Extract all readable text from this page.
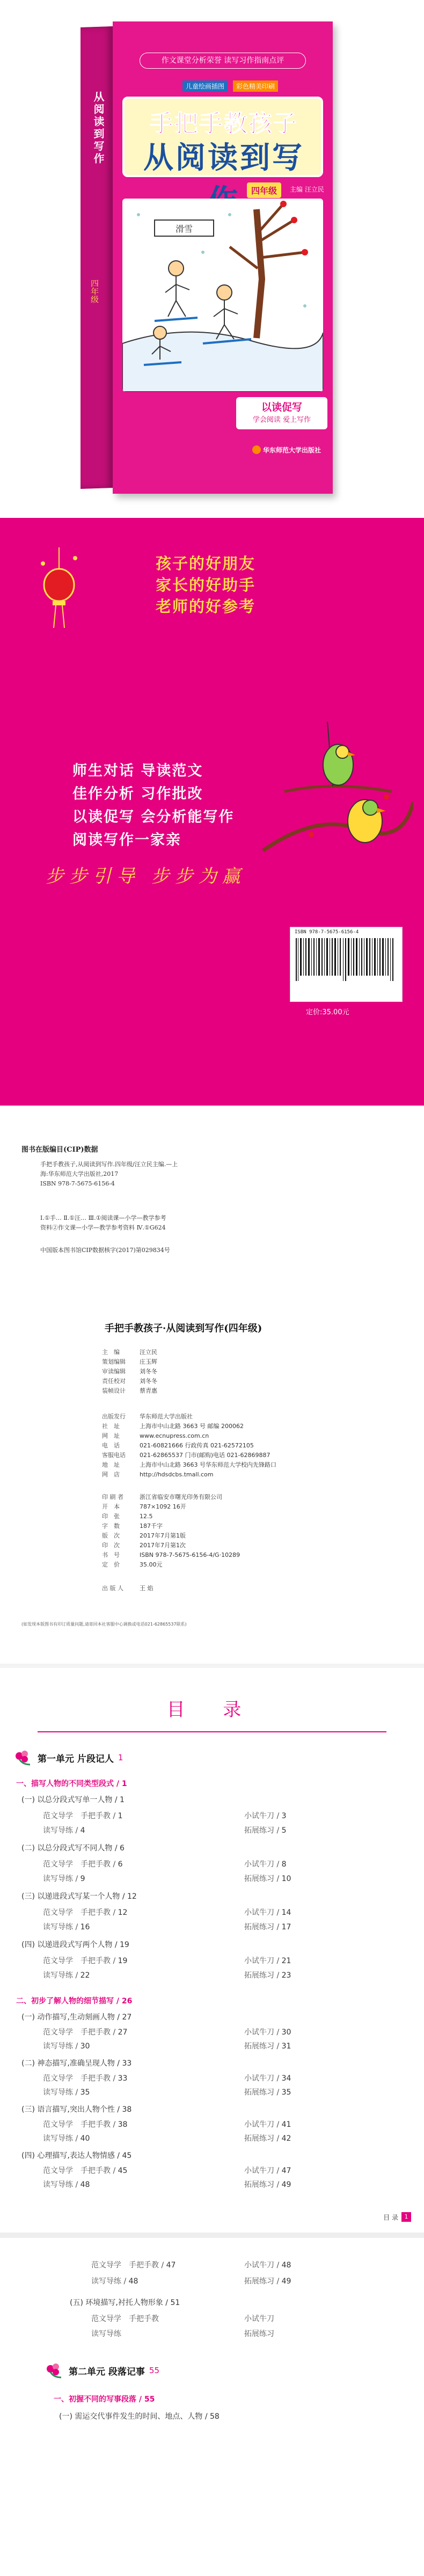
从阅读到写作
四年级
作文课堂分析荣誉 读写习作指南点评
儿童绘画插图	彩色精美印刷
手把手教孩子
从阅读到写
四年级	主编 汪立民
滑雪
以读促写
学会阅读 爱上写作
华东师范大学出版社
孩子的好朋友
家长的好助手
老师的好参考
师生对话 导读范文
佳作分析 习作批改
以读促写 会分析能写作
阅读写作一家亲
步步引导 步步为赢
ISBN 978-7-5675-6156-4
定价:35.00元
图书在版编目(CIP)数据
手把手教孩子,从阅读到写作.四年级/汪立民主编.—上
海:华东师范大学出版社,2017
ISBN 978-7-5675-6156-4
Ⅰ.①手… Ⅱ.①汪… Ⅲ.①阅读课—小学—教学参考
资料②作文课—小学—教学参考资料 Ⅳ.①G624
中国版本图书馆CIP数据核字(2017)第029834号
手把手教孩子·从阅读到写作(四年级)
主　编	汪立民
策划编辑	庄玉辉
审读编辑	刘冬冬
责任校对	刘冬冬
装帧设计	蔡青惠
出版发行	华东师范大学出版社
社　址	上海市中山北路 3663 号 邮编 200062
网　址	www.ecnupress.com.cn
电　话	021-60821666 行政传真 021-62572105
客服电话	021-62865537 门市(邮购)电话 021-62869887
地　址	上海市中山北路 3663 号华东师范大学校内先锋路口
网　店	http://hdsdcbs.tmall.com
印 刷 者	浙江省临安市曙光印务有限公司
开　本	787×1092 16开
印　张	12.5
字　数	187千字
版　次	2017年7月第1版
印　次	2017年7月第1次
书　号	ISBN 978-7-5675-6156-4/G·10289
定　价	35.00元
出 版 人	王 焰
(如发现本版图书有印订质量问题,请寄回本社客服中心调换或电话021-62865537联系)
目 录
第一单元 片段记人 1
一、描写人物的不同类型段式 / 1
(一) 以总分段式写单一人物 / 1
范文导学　 手把手教 / 1	小试牛刀 / 3
读写导练 / 4	拓展练习 / 5
(二) 以总分段式写不同人物 / 6
范文导学　 手把手教 / 6	小试牛刀 / 8
读写导练 / 9	拓展练习 / 10
(三) 以递进段式写某一个人物 / 12
范文导学　 手把手教 / 12	小试牛刀 / 14
读写导练 / 16	拓展练习 / 17
(四) 以递进段式写两个人物 / 19
范文导学　 手把手教 / 19	小试牛刀 / 21
读写导练 / 22	拓展练习 / 23
二、初步了解人物的细节描写 / 26
(一) 动作描写,生动刻画人物 / 27
范文导学　 手把手教 / 27	小试牛刀 / 30
读写导练 / 30	拓展练习 / 31
(二) 神态描写,准确呈现人物 / 33
范文导学　 手把手教 / 33	小试牛刀 / 34
读写导练 / 35	拓展练习 / 35
(三) 语言描写,突出人物个性 / 38
范文导学　 手把手教 / 38	小试牛刀 / 41
读写导练 / 40	拓展练习 / 42
(四) 心理描写,表达人物情感 / 45
范文导学　 手把手教 / 45	小试牛刀 / 47
读写导练 / 48	拓展练习 / 49
目 录	1
范文导学　 手把手教 / 47	小试牛刀 / 48
读写导练 / 48	拓展练习 / 49
(五) 环境描写,衬托人物形象 / 51
范文导学　 手把手教	小试牛刀
读写导练	拓展练习
第二单元 段落记事 55
一、初握不同的写事段落 / 55
(一) 需运交代事件发生的时间、地点、人物 / 58
